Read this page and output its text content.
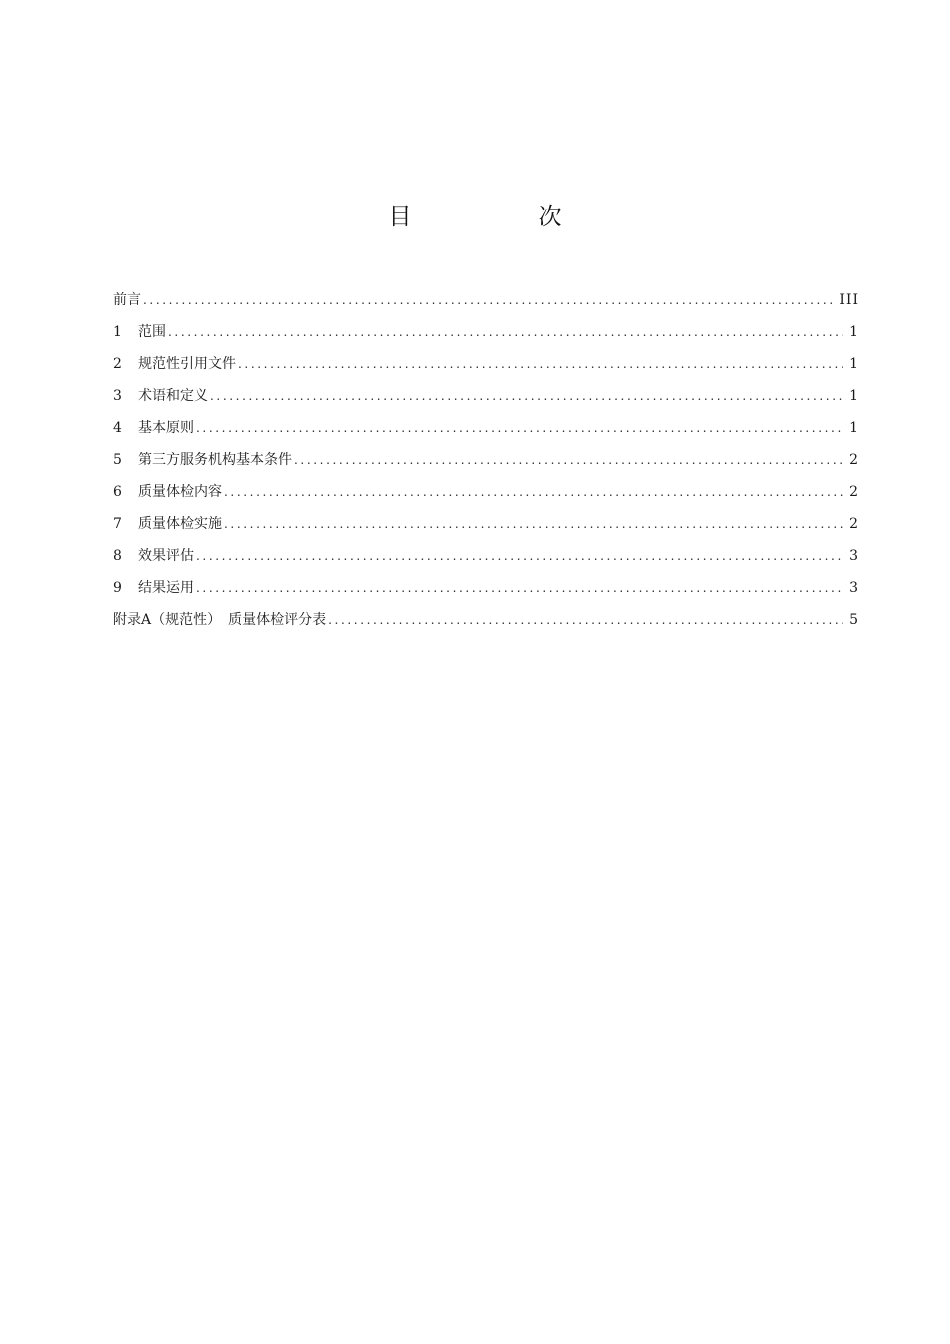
目　次
前言 .....	III
1	范围 .....	1
2	规范性引用文件 .....	1
3	术语和定义 .....	1
4	基本原则 .....	1
5	第三方服务机构基本条件 .....	2
6	质量体检内容 .....	2
7	质量体检实施 .....	2
8	效果评估 .....	3
9	结果运用 .....	3
附录A（规范性）　质量体检评分表 .....	5
